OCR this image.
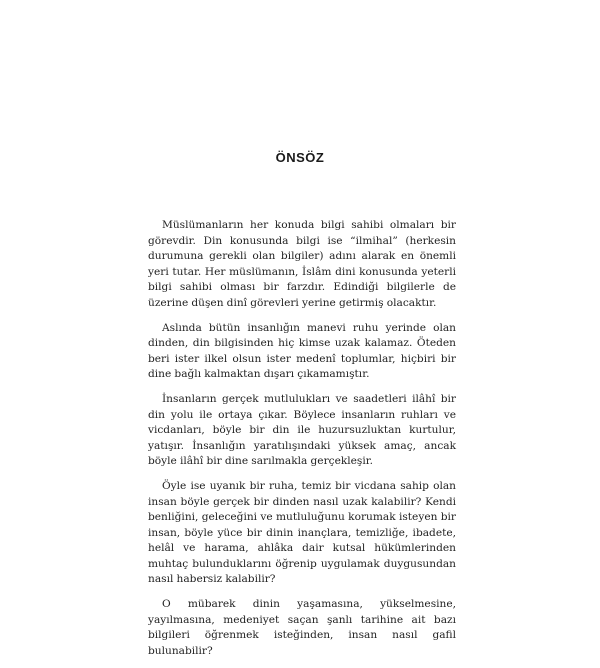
ÖNSÖZ

Müslümanların her konuda bilgi sahibi olmaları bir görevdir. Din konusunda bilgi ise “ilmihal” (herkesin durumuna gerekli olan bilgiler) adını alarak en önemli yeri tutar. Her müslümanın, İslâm dini konusunda yeterli bilgi sahibi olması bir farzdır. Edindiği bilgilerle de üzerine düşen dinî görevleri yerine getirmiş olacaktır.

Aslında bütün insanlığın manevi ruhu yerinde olan dinden, din bilgisinden hiç kimse uzak kalamaz. Öteden beri ister ilkel olsun ister medenî toplumlar, hiçbiri bir dine bağlı kalmaktan dışarı çıkamamıştır.

İnsanların gerçek mutlulukları ve saadetleri ilâhî bir din yolu ile ortaya çıkar. Böylece insanların ruhları ve vicdanları, böyle bir din ile huzursuzluktan kurtulur, yatışır. İnsanlığın yaratılışındaki yüksek amaç, ancak böyle ilâhî bir dine sarılmakla gerçekleşir.

Öyle ise uyanık bir ruha, temiz bir vicdana sahip olan insan böyle gerçek bir dinden nasıl uzak kalabilir? Kendi benliğini, geleceğini ve mutluluğunu korumak isteyen bir insan, böyle yüce bir dinin inançlara, temizliğe, ibadete, helâl ve harama, ahlâka dair kutsal hükümlerinden muhtaç bulunduklarını öğrenip uygulamak duygusundan nasıl habersiz kalabilir?

O mübarek dinin yaşamasına, yükselmesine, yayılmasına, medeniyet saçan şanlı tarihine ait bazı bilgileri öğrenmek isteğinden, insan nasıl gafil bulunabilir?
